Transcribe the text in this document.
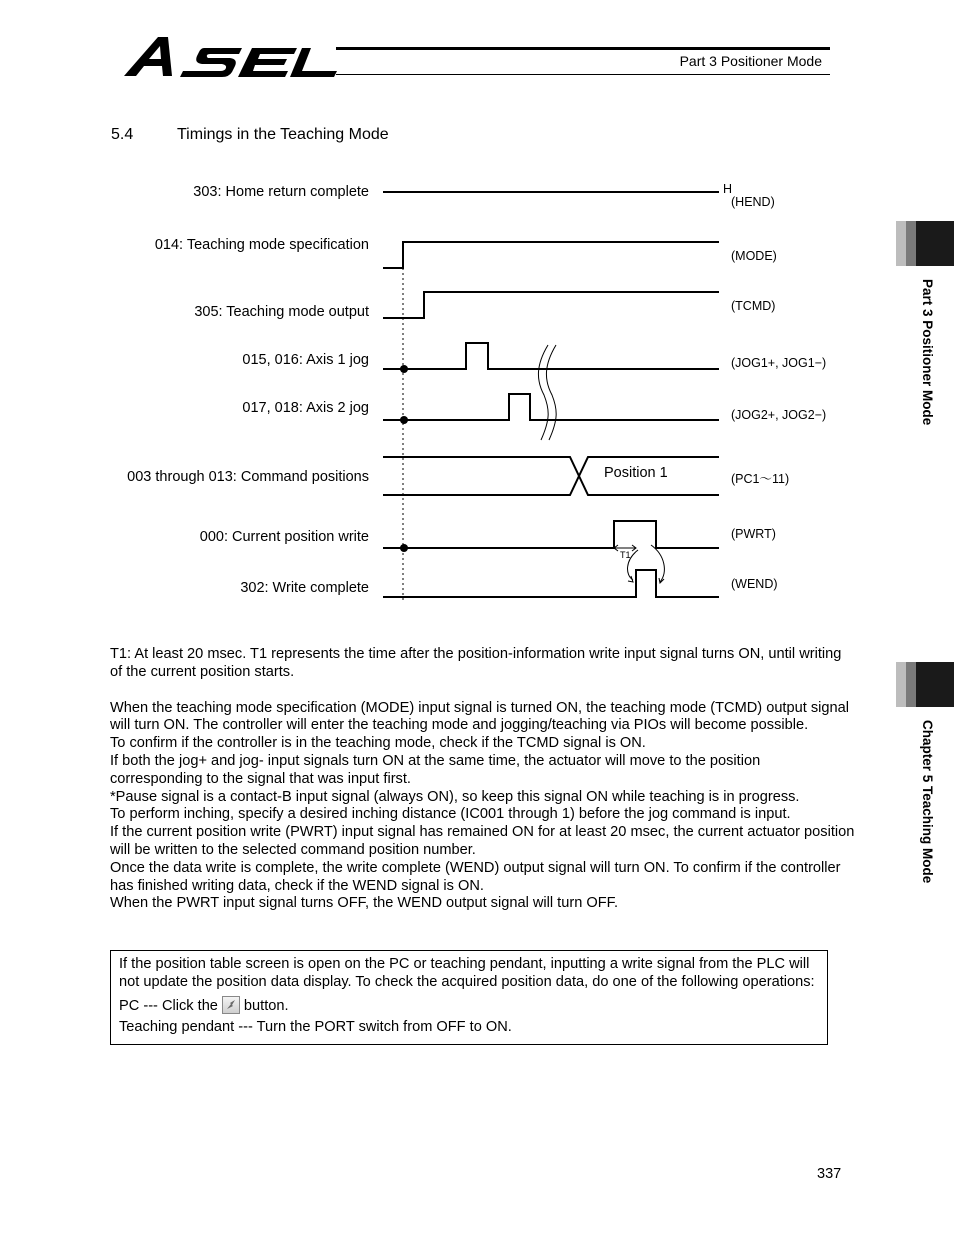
Part 3 Positioner Mode
5.4	Timings in the Teaching Mode
303: Home return complete
014: Teaching mode specification
305: Teaching mode output
015, 016: Axis 1 jog
017, 018: Axis 2 jog
003 through 013: Command positions
000: Current position write
302: Write complete
H
(HEND)
(MODE)
(TCMD)
(JOG1+, JOG1−)
(JOG2+, JOG2−)
(PC1〜11)
(PWRT)
(WEND)
Position 1
T1

T1: At least 20 msec. T1 represents the time after the position-information write input signal turns ON, until writing of the current position starts.

When the teaching mode specification (MODE) input signal is turned ON, the teaching mode (TCMD) output signal will turn ON. The controller will enter the teaching mode and jogging/teaching via PIOs will become possible.

To confirm if the controller is in the teaching mode, check if the TCMD signal is ON.

If both the jog+ and jog- input signals turn ON at the same time, the actuator will move to the position corresponding to the signal that was input first.

*Pause signal is a contact-B input signal (always ON), so keep this signal ON while teaching is in progress.

To perform inching, specify a desired inching distance (IC001 through 1) before the jog command is input.

If the current position write (PWRT) input signal has remained ON for at least 20 msec, the current actuator position will be written to the selected command position number.

Once the data write is complete, the write complete (WEND) output signal will turn ON. To confirm if the controller has finished writing data, check if the WEND signal is ON.

When the PWRT input signal turns OFF, the WEND output signal will turn OFF.

If the position table screen is open on the PC or teaching pendant, inputting a write signal from the PLC will not update the position data display. To check the acquired position data, do one of the following operations:

PC --- Click the button.

Teaching pendant --- Turn the PORT switch from OFF to ON.

Part 3 Positioner Mode
Chapter 5 Teaching Mode
337
